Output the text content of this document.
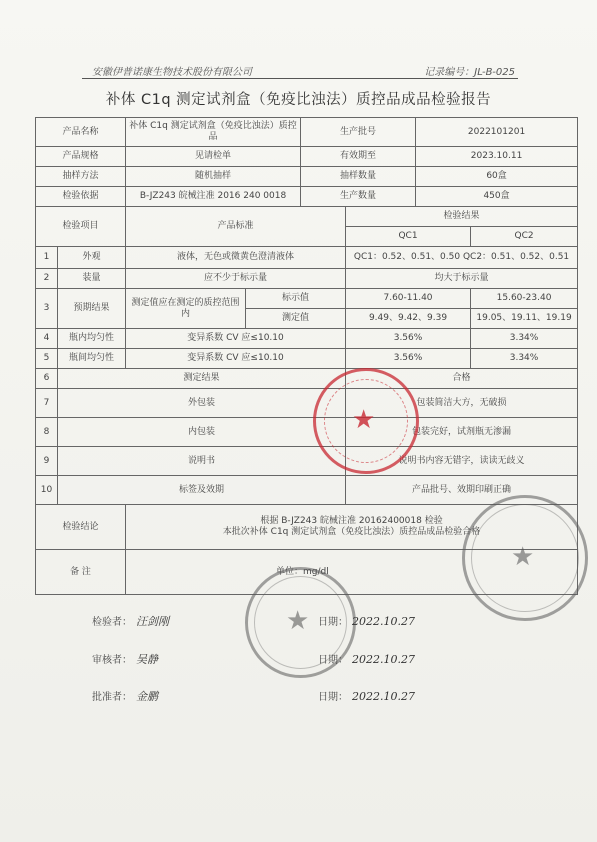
安徽伊普诺康生物技术股份有限公司	记录编号：JL-B-025
补体 C1q 测定试剂盒（免疫比浊法）质控品成品检验报告
产品名称		补体 C1q 测定试剂盒（免疫比浊法）质控品		生产批号		2022101201	
产品规格		见请检单		有效期至		2023.10.11	
抽样方法		随机抽样		抽样数量		60盒	
检验依据		B-JZ243 皖械注准 2016 240 0018		生产数量		450盒	
检验项目		产品标准			检验结果		
					QC1		QC2
1	外观	液体，无色或微黄色澄清液体			QC1：0.52、0.51、0.50 QC2：0.51、0.52、0.51		
2	装量	应不少于标示量			均大于标示量		
3	预期结果	测定值应在测定的质控范围内	标示值		7.60-11.40		15.60-23.40
			测定值		9.49、9.42、9.39		19.05、19.11、19.19
4	瓶内均匀性	变异系数 CV 应≤10.10			3.56%		3.34%
5	瓶间均匀性	变异系数 CV 应≤10.10			3.56%		3.34%
6	测定结果				合格		
7	外包装				包装简洁大方，无破损		
8	内包装				包装完好，试剂瓶无渗漏		
9	说明书				说明书内容无错字，读读无歧义		
10	标签及效期				产品批号、效期印刷正确		
检验结论		根据 B-JZ243 皖械注准 20162400018 检验
本批次补体 C1q 测定试剂盒（免疫比浊法）质控品成品检验合格					

备 注		单位：mg/dl					
★
★
★
检验者： 汪剑刚	日期： 2022.10.27
审核者： 吴静	日期： 2022.10.27
批准者： 金鹏	日期： 2022.10.27
